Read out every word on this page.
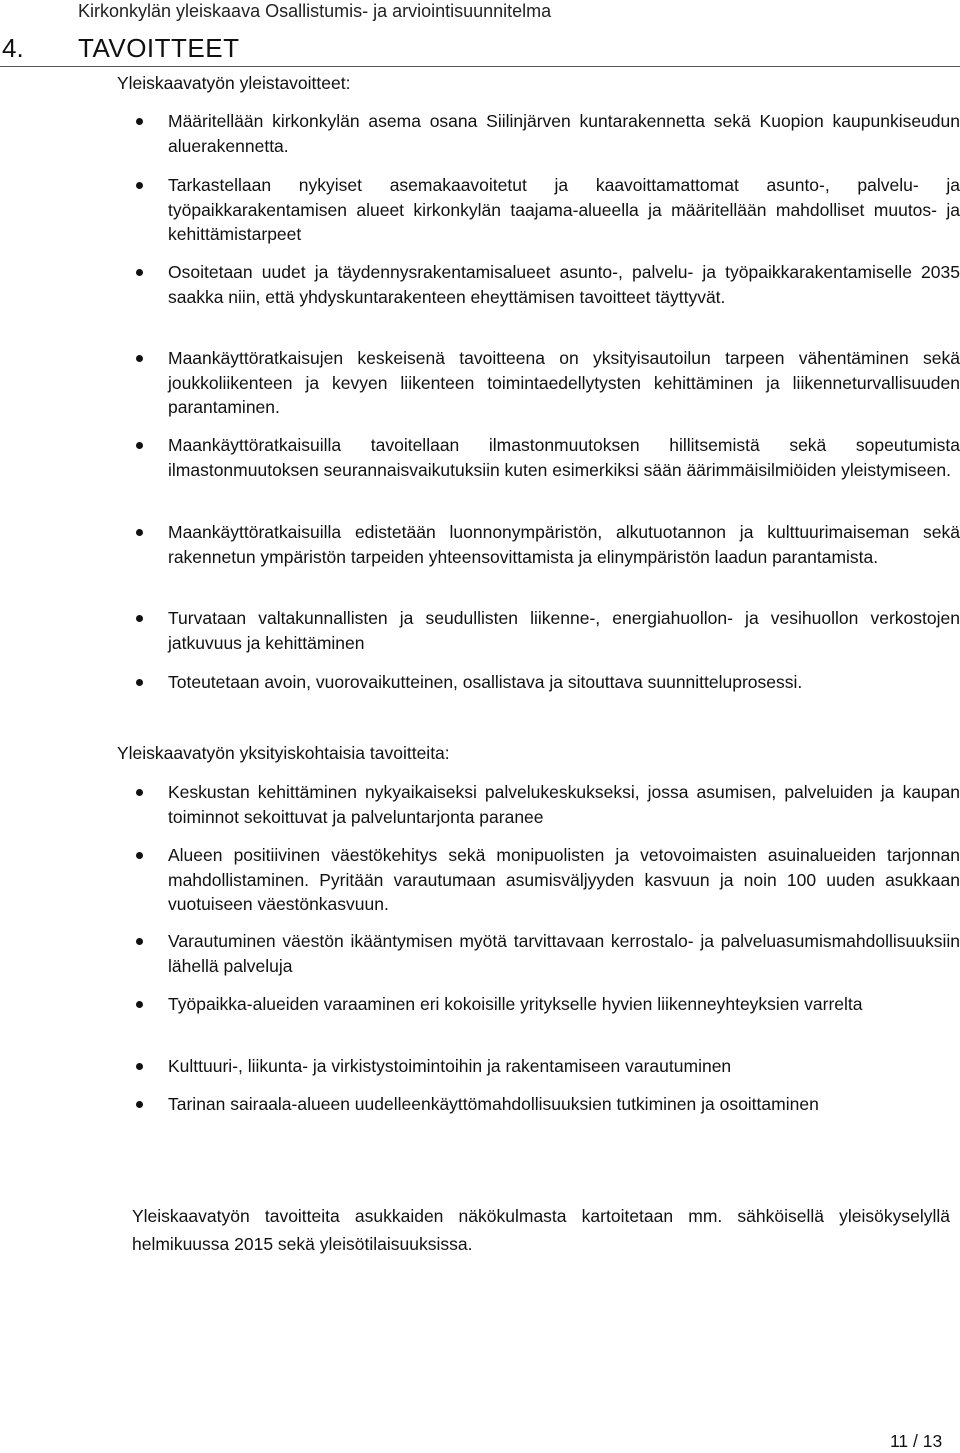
Kirkonkylän yleiskaava Osallistumis- ja arviointisuunnitelma
4. TAVOITTEET
Yleiskaavatyön yleistavoitteet:
Määritellään kirkonkylän asema osana Siilinjärven kuntarakennetta sekä Kuopion kaupunkiseudun aluerakennetta.
Tarkastellaan nykyiset asemakaavoitetut ja kaavoittamattomat asunto-, palvelu- ja työpaikkarakentamisen alueet kirkonkylän taajama-alueella ja määritellään mahdolliset muutos- ja kehittämistarpeet
Osoitetaan uudet ja täydennysrakentamisalueet asunto-, palvelu- ja työpaikkarakentamiselle 2035 saakka niin, että yhdyskuntarakenteen eheyttämisen tavoitteet täyttyvät.
Maankäyttöratkaisujen keskeisenä tavoitteena on yksityisautoilun tarpeen vähentäminen sekä joukkoliikenteen ja kevyen liikenteen toimintaedellytysten kehittäminen ja liikenneturvallisuuden parantaminen.
Maankäyttöratkaisuilla tavoitellaan ilmastonmuutoksen hillitsemistä sekä sopeutumista ilmastonmuutoksen seurannaisvaikutuksiin kuten esimerkiksi sään äärimmäisilmiöiden yleistymiseen.
Maankäyttöratkaisuilla edistetään luonnonympäristön, alkutuotannon ja kulttuurimaiseman sekä rakennetun ympäristön tarpeiden yhteensovittamista ja elinympäristön laadun parantamista.
Turvataan valtakunnallisten ja seudullisten liikenne-, energiahuollon- ja vesihuollon verkostojen jatkuvuus ja kehittäminen
Toteutetaan avoin, vuorovaikutteinen, osallistava ja sitouttava suunnitteluprosessi.
Yleiskaavatyön yksityiskohtaisia tavoitteita:
Keskustan kehittäminen nykyaikaiseksi palvelukeskukseksi, jossa asumisen, palveluiden ja kaupan toiminnot sekoittuvat ja palveluntarjonta paranee
Alueen positiivinen väestökehitys sekä monipuolisten ja vetovoimaisten asuinalueiden tarjonnan mahdollistaminen. Pyritään varautumaan asumisväljyyden kasvuun ja noin 100 uuden asukkaan vuotuiseen väestönkasvuun.
Varautuminen väestön ikääntymisen myötä tarvittavaan kerrostalo- ja palveluasumismahdollisuuksiin lähellä palveluja
Työpaikka-alueiden varaaminen eri kokoisille yritykselle hyvien liikenneyhteyksien varrelta
Kulttuuri-, liikunta- ja virkistystoimintoihin ja rakentamiseen varautuminen
Tarinan sairaala-alueen uudelleenkäyttömahdollisuuksien tutkiminen ja osoittaminen
Yleiskaavatyön tavoitteita asukkaiden näkökulmasta kartoitetaan mm. sähköisellä yleisökyselyllä helmikuussa 2015 sekä yleisötilaisuuksissa.
11 / 13
